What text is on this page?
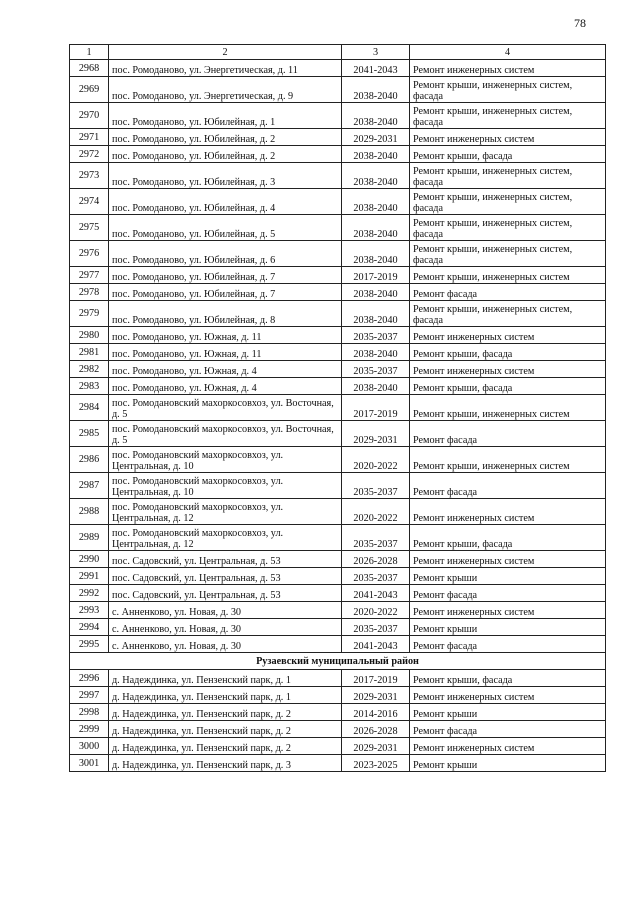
78
1	2	3	4
2968	пос. Ромоданово, ул. Энергетическая, д. 11	2041-2043	Ремонт инженерных систем
2969	пос. Ромоданово, ул. Энергетическая, д. 9	2038-2040	Ремонт крыши, инженерных систем, фасада
2970	пос. Ромоданово, ул. Юбилейная, д. 1	2038-2040	Ремонт крыши, инженерных систем, фасада
2971	пос. Ромоданово, ул. Юбилейная, д. 2	2029-2031	Ремонт инженерных систем
2972	пос. Ромоданово, ул. Юбилейная, д. 2	2038-2040	Ремонт крыши, фасада
2973	пос. Ромоданово, ул. Юбилейная, д. 3	2038-2040	Ремонт крыши, инженерных систем, фасада
2974	пос. Ромоданово, ул. Юбилейная, д. 4	2038-2040	Ремонт крыши, инженерных систем, фасада
2975	пос. Ромоданово, ул. Юбилейная, д. 5	2038-2040	Ремонт крыши, инженерных систем, фасада
2976	пос. Ромоданово, ул. Юбилейная, д. 6	2038-2040	Ремонт крыши, инженерных систем, фасада
2977	пос. Ромоданово, ул. Юбилейная, д. 7	2017-2019	Ремонт крыши, инженерных систем
2978	пос. Ромоданово, ул. Юбилейная, д. 7	2038-2040	Ремонт фасада
2979	пос. Ромоданово, ул. Юбилейная, д. 8	2038-2040	Ремонт крыши, инженерных систем, фасада
2980	пос. Ромоданово, ул. Южная, д. 11	2035-2037	Ремонт инженерных систем
2981	пос. Ромоданово, ул. Южная, д. 11	2038-2040	Ремонт крыши, фасада
2982	пос. Ромоданово, ул. Южная, д. 4	2035-2037	Ремонт инженерных систем
2983	пос. Ромоданово, ул. Южная, д. 4	2038-2040	Ремонт крыши, фасада
2984	пос. Ромодановский махоркосовхоз, ул. Восточная, д. 5	2017-2019	Ремонт крыши, инженерных систем
2985	пос. Ромодановский махоркосовхоз, ул. Восточная, д. 5	2029-2031	Ремонт фасада
2986	пос. Ромодановский махоркосовхоз, ул. Центральная, д. 10	2020-2022	Ремонт крыши, инженерных систем
2987	пос. Ромодановский махоркосовхоз, ул. Центральная, д. 10	2035-2037	Ремонт фасада
2988	пос. Ромодановский махоркосовхоз, ул. Центральная, д. 12	2020-2022	Ремонт инженерных систем
2989	пос. Ромодановский махоркосовхоз, ул. Центральная, д. 12	2035-2037	Ремонт крыши, фасада
2990	пос. Садовский, ул. Центральная, д. 53	2026-2028	Ремонт инженерных систем
2991	пос. Садовский, ул. Центральная, д. 53	2035-2037	Ремонт крыши
2992	пос. Садовский, ул. Центральная, д. 53	2041-2043	Ремонт фасада
2993	с. Анненково, ул. Новая, д. 30	2020-2022	Ремонт инженерных систем
2994	с. Анненково, ул. Новая, д. 30	2035-2037	Ремонт крыши
2995	с. Анненково, ул. Новая, д. 30	2041-2043	Ремонт фасада
Рузаевский муниципальный район			
2996	д. Надеждинка, ул. Пензенский парк, д. 1	2017-2019	Ремонт крыши, фасада
2997	д. Надеждинка, ул. Пензенский парк, д. 1	2029-2031	Ремонт инженерных систем
2998	д. Надеждинка, ул. Пензенский парк, д. 2	2014-2016	Ремонт крыши
2999	д. Надеждинка, ул. Пензенский парк, д. 2	2026-2028	Ремонт фасада
3000	д. Надеждинка, ул. Пензенский парк, д. 2	2029-2031	Ремонт инженерных систем
3001	д. Надеждинка, ул. Пензенский парк, д. 3	2023-2025	Ремонт крыши
